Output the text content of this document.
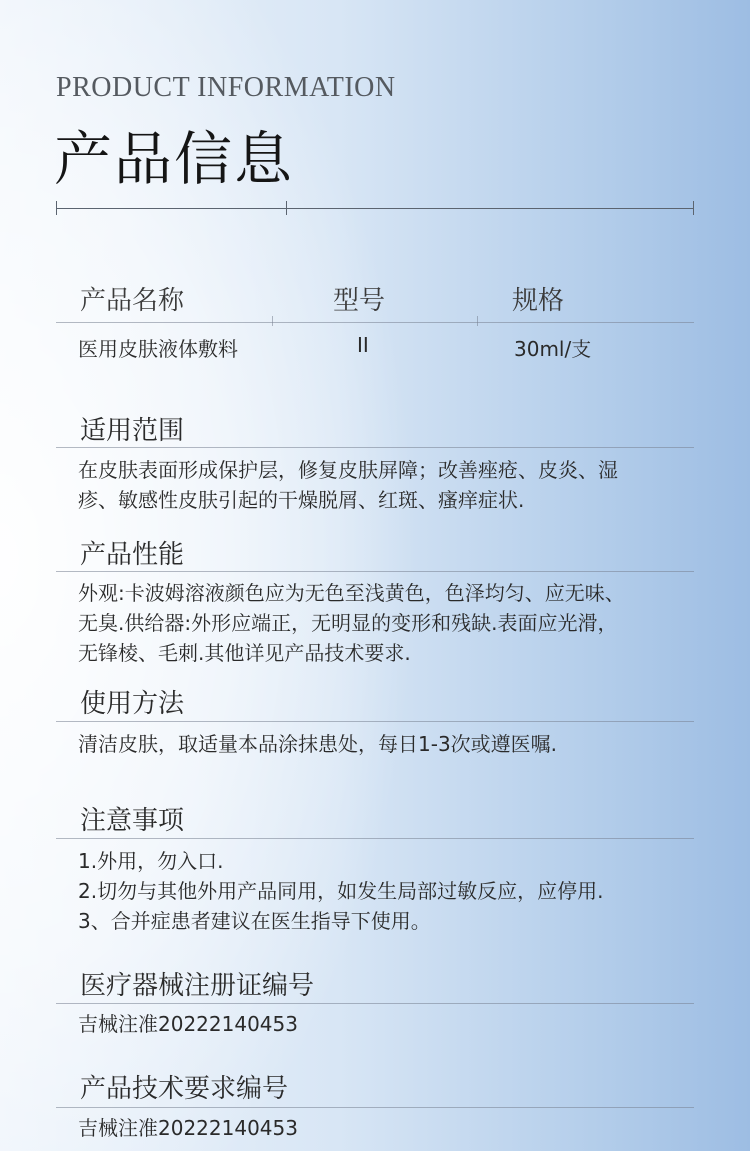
PRODUCT INFORMATION
产品信息
产品名称	型号	规格
医用皮肤液体敷料	II	30ml/支
适用范围

在皮肤表面形成保护层，修复皮肤屏障；改善痤疮、皮炎、湿

疹、敏感性皮肤引起的干燥脱屑、红斑、瘙痒症状.

产品性能

外观:卡波姆溶液颜色应为无色至浅黄色，色泽均匀、应无味、

无臭.供给器:外形应端正，无明显的变形和残缺.表面应光滑，

无锋棱、毛刺.其他详见产品技术要求.

使用方法

清洁皮肤，取适量本品涂抹患处，每日1-3次或遵医嘱.

注意事项

1.外用，勿入口.

2.切勿与其他外用产品同用，如发生局部过敏反应，应停用.

3、合并症患者建议在医生指导下使用。

医疗器械注册证编号

吉械注准20222140453

产品技术要求编号

吉械注准20222140453
